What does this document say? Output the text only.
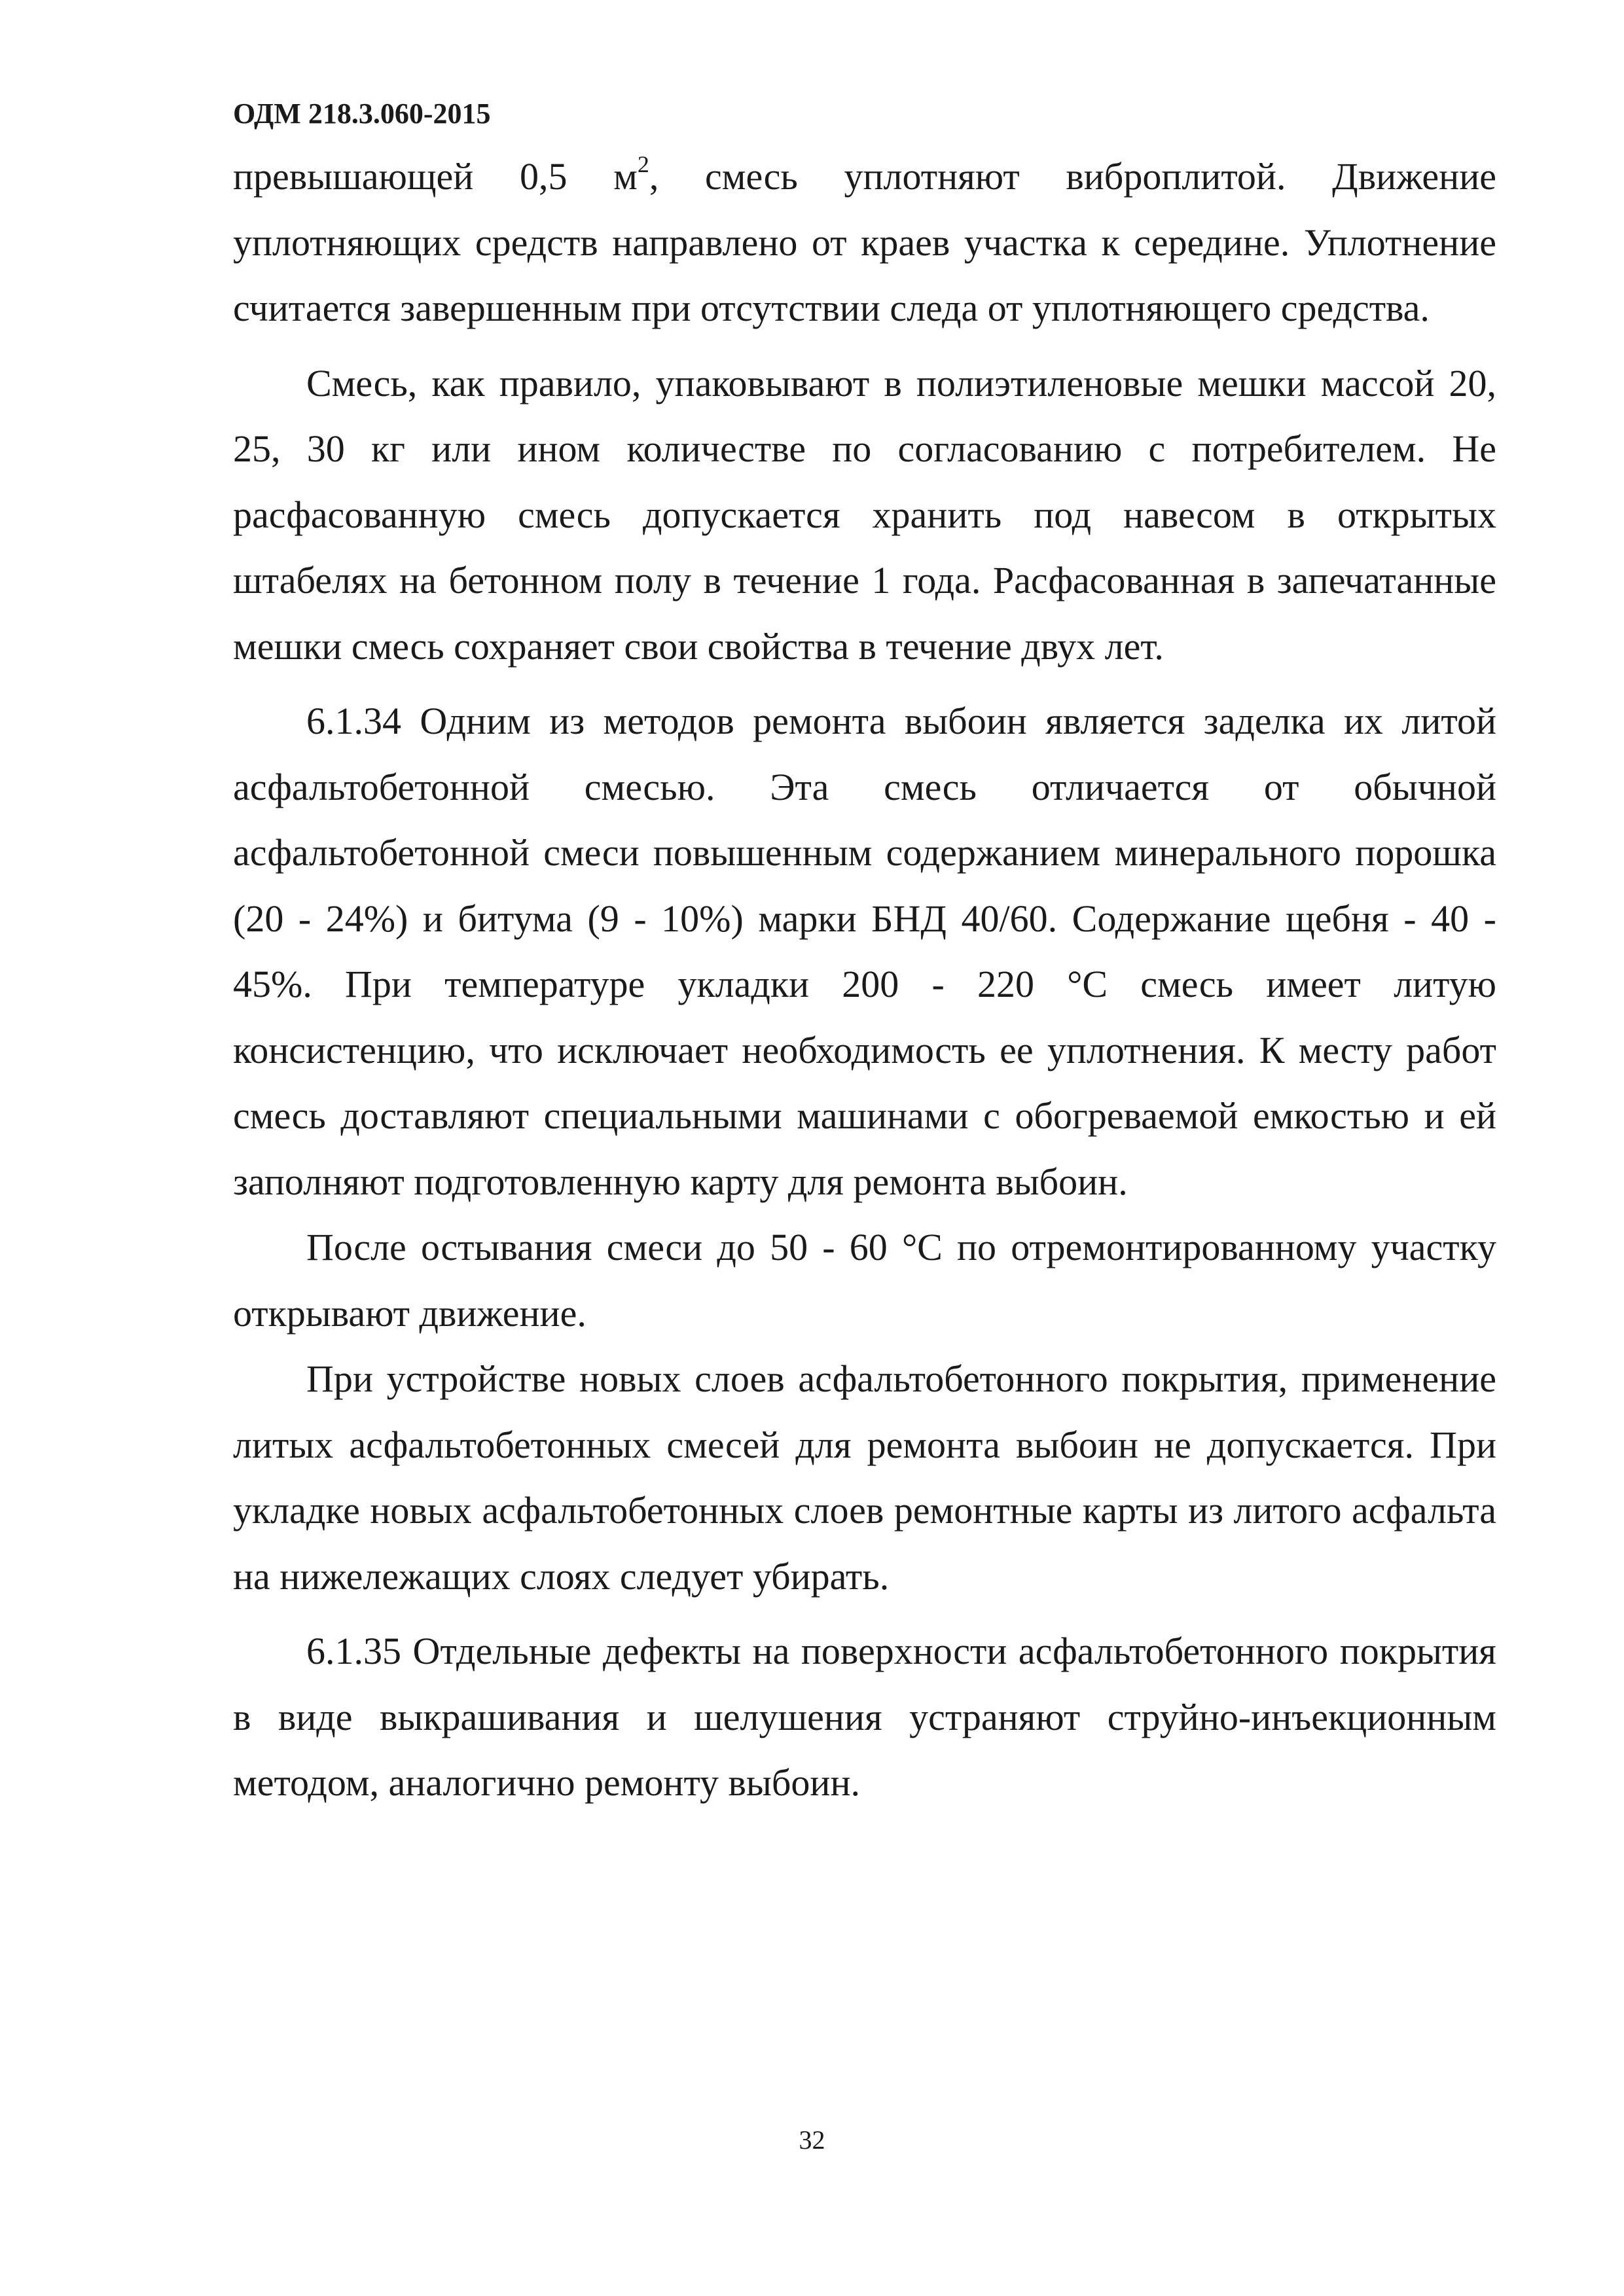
ОДМ 218.3.060-2015

превышающей 0,5 $м^2$, смесь уплотняют виброплитой. Движение уплотняющих средств направлено от краев участка к середине. Уплотнение считается завершенным при отсутствии следа от уплотняющего средства.

Смесь, как правило, упаковывают в полиэтиленовые мешки массой 20, 25, 30 кг или ином количестве по согласованию с потребителем. Не расфасованную смесь допускается хранить под навесом в открытых штабелях на бетонном полу в течение 1 года. Расфасованная в запечатанные мешки смесь сохраняет свои свойства в течение двух лет.

6.1.34 Одним из методов ремонта выбоин является заделка их литой асфальтобетонной смесью. Эта смесь отличается от обычной асфальтобетонной смеси повышенным содержанием минерального порошка (20 - 24%) и битума (9 - 10%) марки БНД 40/60. Содержание щебня - 40 - 45%. При температуре укладки 200 - 220 °С смесь имеет литую консистенцию, что исключает необходимость ее уплотнения. К месту работ смесь доставляют специальными машинами с обогреваемой емкостью и ей заполняют подготовленную карту для ремонта выбоин.

После остывания смеси до 50 - 60 °С по отремонтированному участку открывают движение.

При устройстве новых слоев асфальтобетонного покрытия, применение литых асфальтобетонных смесей для ремонта выбоин не допускается. При укладке новых асфальтобетонных слоев ремонтные карты из литого асфальта на нижележащих слоях следует убирать.

6.1.35 Отдельные дефекты на поверхности асфальтобетонного покрытия в виде выкрашивания и шелушения устраняют струйно-инъекционным методом, аналогично ремонту выбоин.

32
